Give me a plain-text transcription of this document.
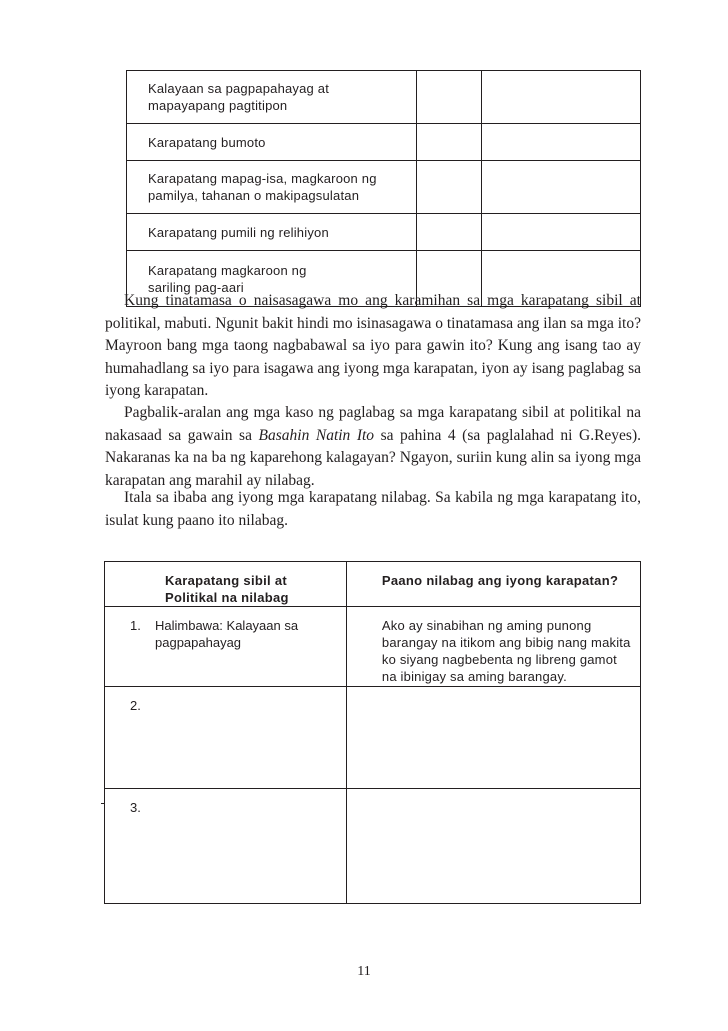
Kalayaan sa pagpapahayag at mapayapang pagtitipon		

Karapatang bumoto		

Karapatang mapag-isa, magkaroon ng pamilya, tahanan o makipagsulatan		

Karapatang pumili ng relihiyon		

Karapatang magkaroon ng sariling pag-aari		

Kung tinatamasa o naisasagawa mo ang karamihan sa mga karapatang sibil at politikal, mabuti. Ngunit bakit hindi mo isinasagawa o tinatamasa ang ilan sa mga ito? Mayroon bang mga taong nagbabawal sa iyo para gawin ito? Kung ang isang tao ay humahadlang sa iyo para isagawa ang iyong mga karapatan, iyon ay isang paglabag sa iyong karapatan.
Pagbalik-aralan ang mga kaso ng paglabag sa mga karapatang sibil at politikal na nakasaad sa gawain sa Basahin Natin Ito sa pahina 4 (sa paglalahad ni G.Reyes). Nakaranas ka na ba ng kaparehong kalagayan? Ngayon, suriin kung alin sa iyong mga karapatan ang marahil ay nilabag.
Itala sa ibaba ang iyong mga karapatang nilabag. Sa kabila ng mga karapatang ito, isulat kung paano ito nilabag.
Karapatang sibil at
Politikal na nilabag	Paano nilabag ang iyong karapatan?

1. Halimbawa: Kalayaan sa pagpapahayag	Ako ay sinabihan ng aming punong barangay na itikom ang bibig nang makita ko siyang nagbebenta ng libreng gamot na ibinigay sa aming barangay.

2.	

3.	

11
